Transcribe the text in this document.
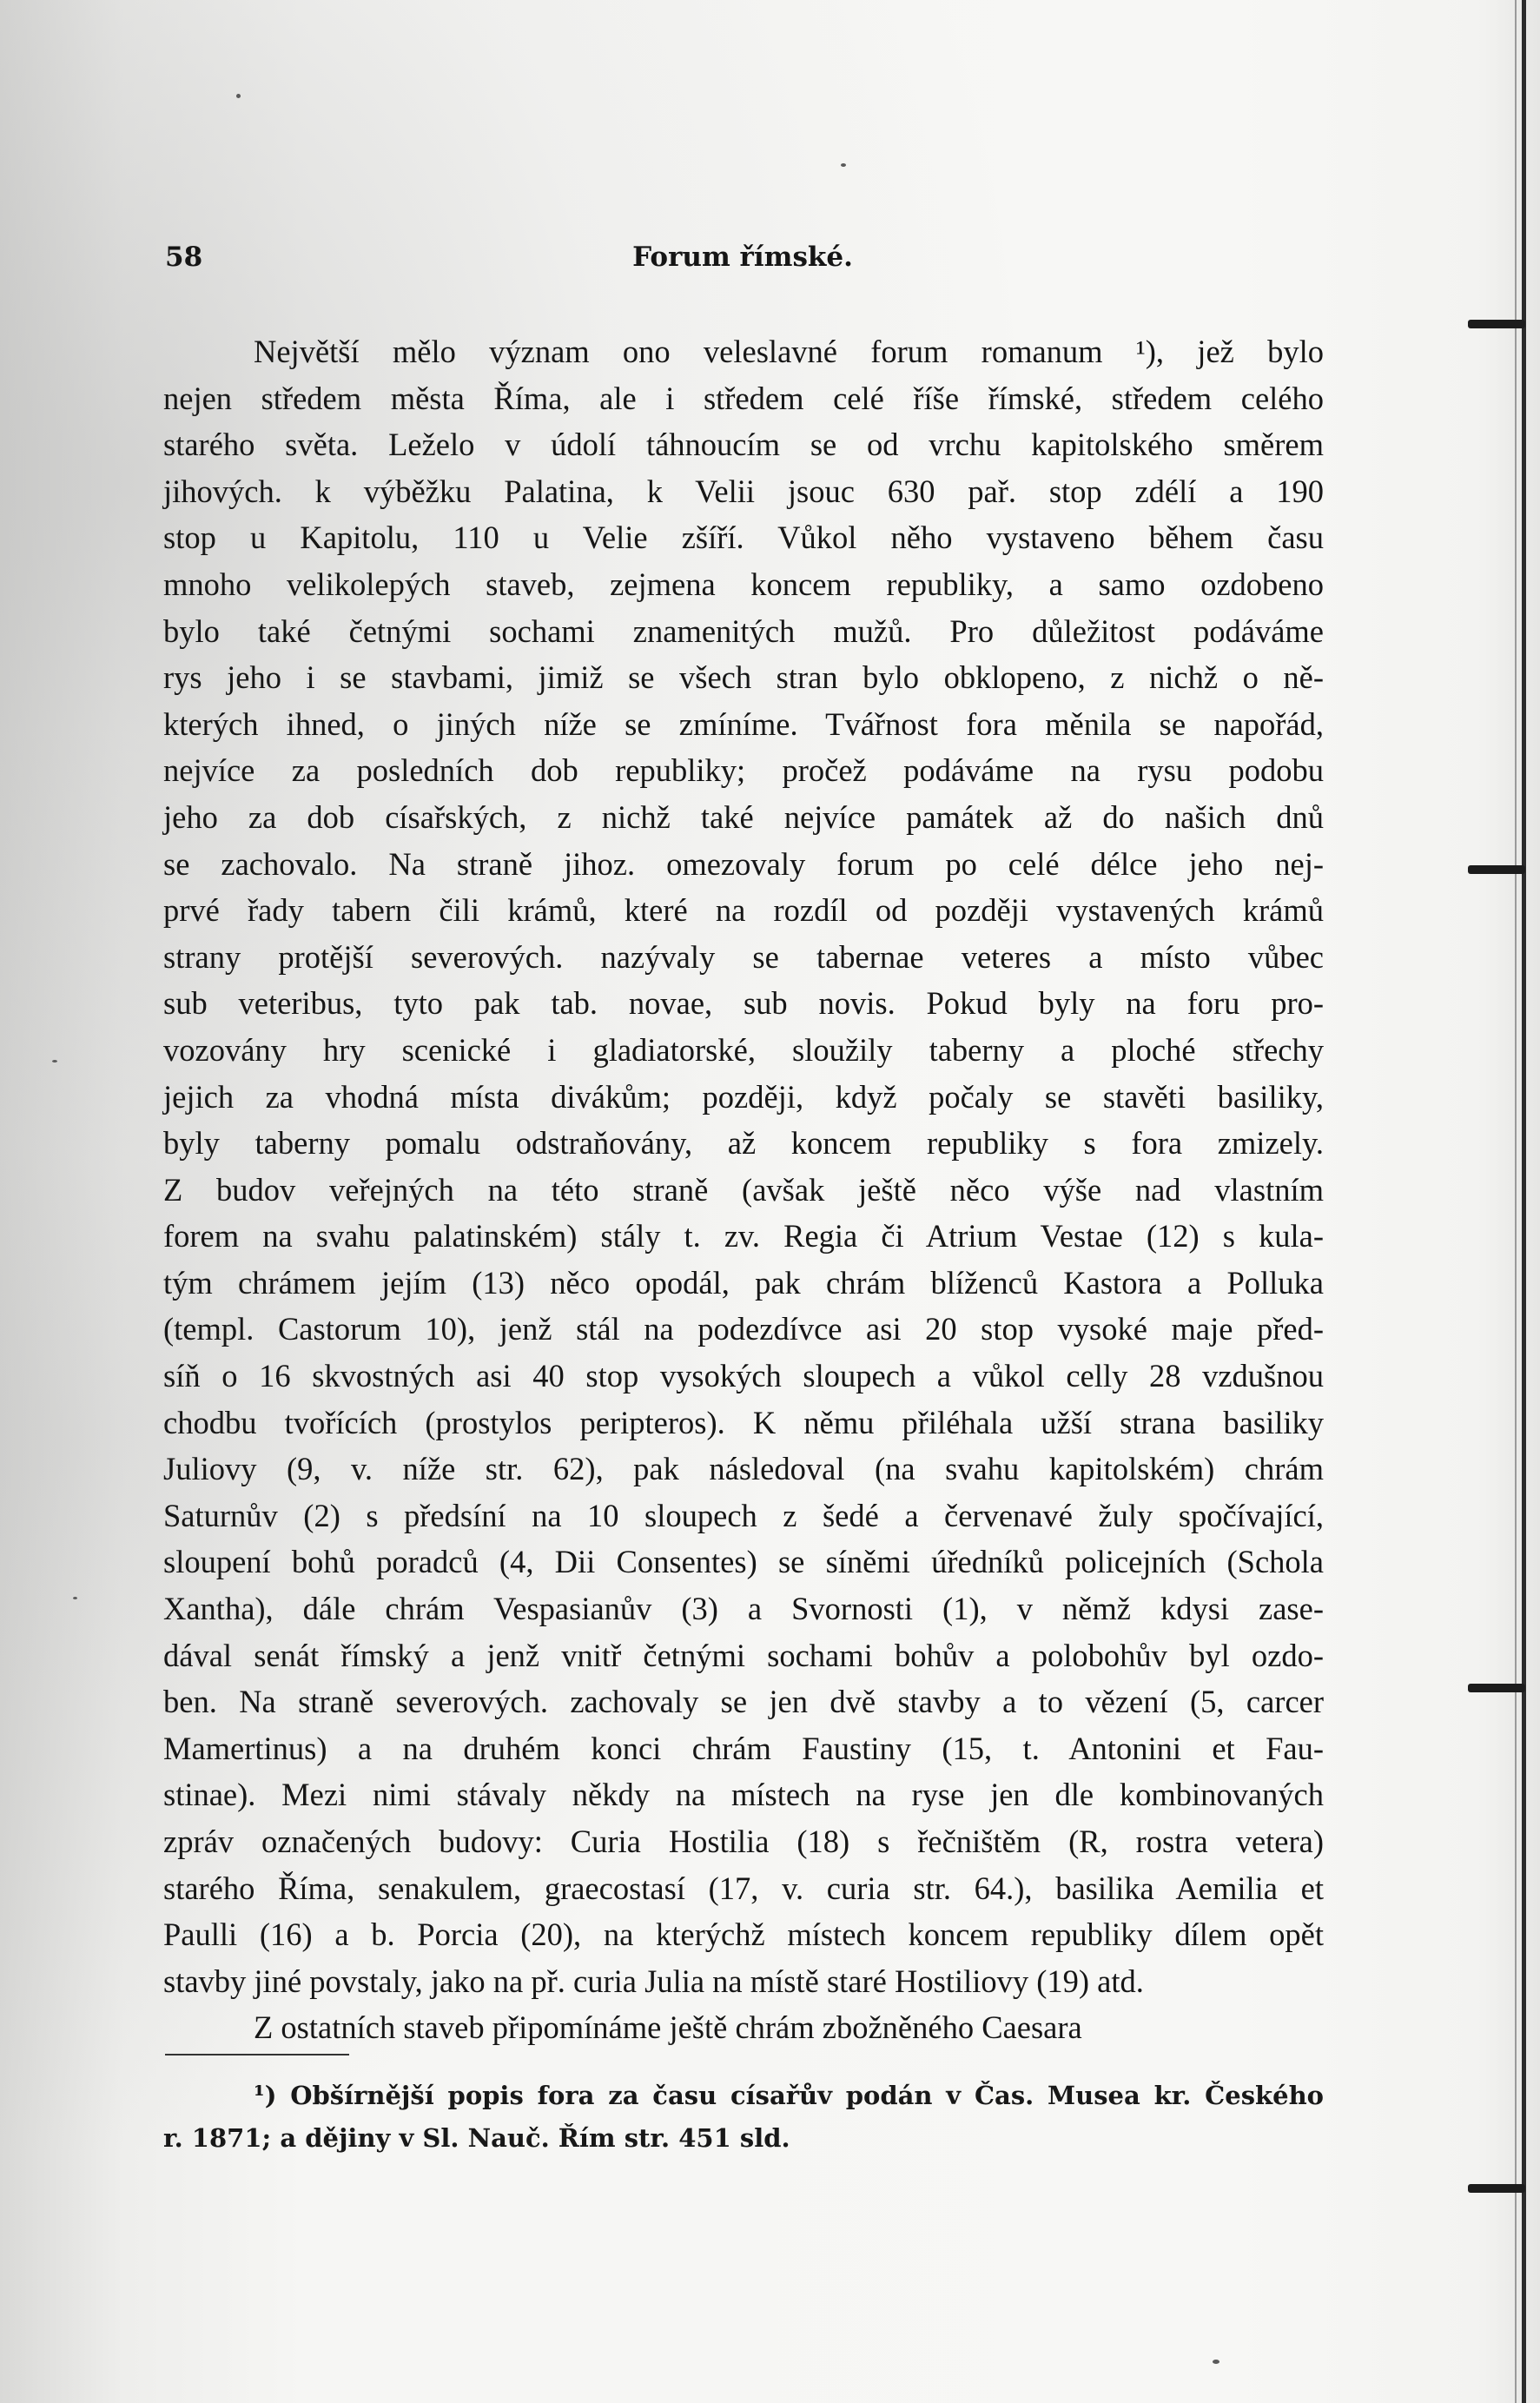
58	Forum římské.
Největší mělo význam ono veleslavné forum romanum ¹), jež bylo
nejen středem města Říma, ale i středem celé říše římské, středem celého
starého světa. Leželo v údolí táhnoucím se od vrchu kapitolského směrem
jihových. k výběžku Palatina, k Velii jsouc 630 pař. stop zdélí a 190
stop u Kapitolu, 110 u Velie zšíří. Vůkol něho vystaveno během času
mnoho velikolepých staveb, zejmena koncem republiky, a samo ozdobeno
bylo také četnými sochami znamenitých mužů. Pro důležitost podáváme
rys jeho i se stavbami, jimiž se všech stran bylo obklopeno, z nichž o ně-
kterých ihned, o jiných níže se zmíníme. Tvářnost fora měnila se napořád,
nejvíce za posledních dob republiky; pročež podáváme na rysu podobu
jeho za dob císařských, z nichž také nejvíce památek až do našich dnů
se zachovalo. Na straně jihoz. omezovaly forum po celé délce jeho nej-
prvé řady tabern čili krámů, které na rozdíl od později vystavených krámů
strany protější severových. nazývaly se tabernae veteres a místo vůbec
sub veteribus, tyto pak tab. novae, sub novis. Pokud byly na foru pro-
vozovány hry scenické i gladiatorské, sloužily taberny a ploché střechy
jejich za vhodná místa divákům; později, když počaly se stavěti basiliky,
byly taberny pomalu odstraňovány, až koncem republiky s fora zmizely.
Z budov veřejných na této straně (avšak ještě něco výše nad vlastním
forem na svahu palatinském) stály t. zv. Regia či Atrium Vestae (12) s kula-
tým chrámem jejím (13) něco opodál, pak chrám blíženců Kastora a Polluka
(templ. Castorum 10), jenž stál na podezdívce asi 20 stop vysoké maje před-
síň o 16 skvostných asi 40 stop vysokých sloupech a vůkol celly 28 vzdušnou
chodbu tvořících (prostylos peripteros). K němu přiléhala užší strana basiliky
Juliovy (9, v. níže str. 62), pak následoval (na svahu kapitolském) chrám
Saturnův (2) s předsíní na 10 sloupech z šedé a červenavé žuly spočívající,
sloupení bohů poradců (4, Dii Consentes) se síněmi úředníků policejních (Schola
Xantha), dále chrám Vespasianův (3) a Svornosti (1), v němž kdysi zase-
dával senát římský a jenž vnitř četnými sochami bohův a polobohův byl ozdo-
ben. Na straně severových. zachovaly se jen dvě stavby a to vězení (5, carcer
Mamertinus) a na druhém konci chrám Faustiny (15, t. Antonini et Fau-
stinae). Mezi nimi stávaly někdy na místech na ryse jen dle kombinovaných
zpráv označených budovy: Curia Hostilia (18) s řečništěm (R, rostra vetera)
starého Říma, senakulem, graecostasí (17, v. curia str. 64.), basilika Aemilia et
Paulli (16) a b. Porcia (20), na kterýchž místech koncem republiky dílem opět
stavby jiné povstaly, jako na př. curia Julia na místě staré Hostiliovy (19) atd.
Z ostatních staveb připomínáme ještě chrám zbožněného Caesara
¹) Obšírnější popis fora za času císařův podán v Čas. Musea kr. Českého
r. 1871; a dějiny v Sl. Nauč. Řím str. 451 sld.
